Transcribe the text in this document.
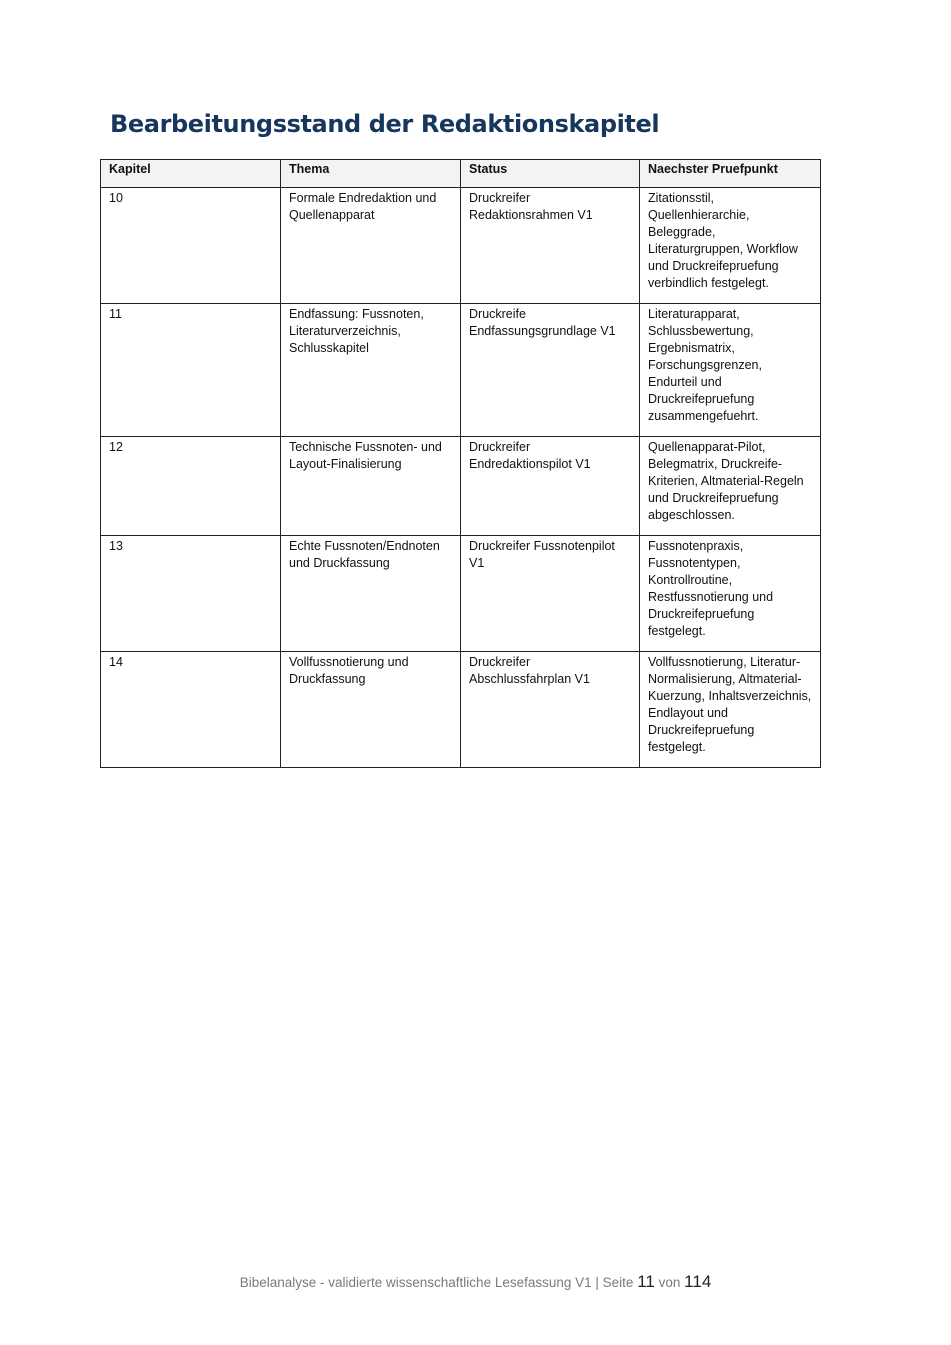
Bearbeitungsstand der Redaktionskapitel
Kapitel	Thema	Status	Naechster Pruefpunkt
10	Formale Endredaktion und Quellenapparat	Druckreifer Redaktionsrahmen V1	Zitationsstil, Quellenhierarchie, Beleggrade, Literaturgruppen, Workflow und Druckreifepruefung verbindlich festgelegt.
11	Endfassung: Fussnoten, Literaturverzeichnis, Schlusskapitel	Druckreife Endfassungsgrundlage V1	Literaturapparat, Schlussbewertung, Ergebnismatrix, Forschungsgrenzen, Endurteil und Druckreifepruefung zusammengefuehrt.
12	Technische Fussnoten- und Layout-Finalisierung	Druckreifer Endredaktionspilot V1	Quellenapparat-Pilot, Belegmatrix, Druckreife-Kriterien, Altmaterial-Regeln und Druckreifepruefung abgeschlossen.
13	Echte Fussnoten/Endnoten und Druckfassung	Druckreifer Fussnotenpilot V1	Fussnotenpraxis, Fussnotentypen, Kontrollroutine, Restfussnotierung und Druckreifepruefung festgelegt.
14	Vollfussnotierung und Druckfassung	Druckreifer Abschlussfahrplan V1	Vollfussnotierung, Literatur-Normalisierung, Altmaterial-Kuerzung, Inhaltsverzeichnis, Endlayout und Druckreifepruefung festgelegt.
Bibelanalyse - validierte wissenschaftliche Lesefassung V1 | Seite 11 von 114
